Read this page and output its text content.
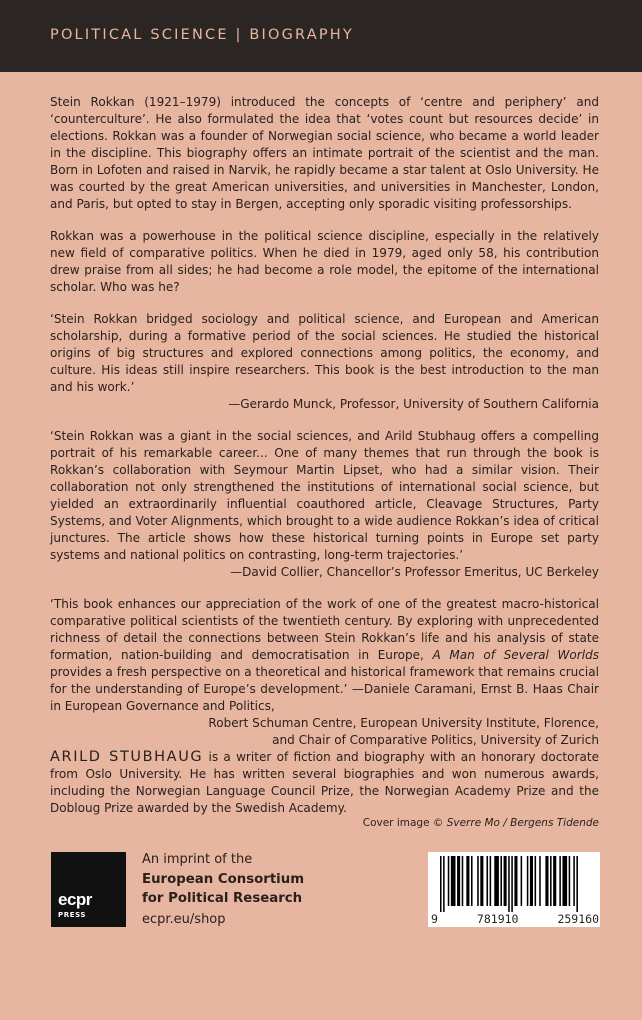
POLITICAL SCIENCE | BIOGRAPHY

Stein Rokkan (1921–1979) introduced the concepts of ‘centre and periphery’ and ‘counterculture’. He also formulated the idea that ‘votes count but resources decide’ in elections. Rokkan was a founder of Norwegian social science, who became a world leader in the discipline. This biography offers an intimate portrait of the scientist and the man. Born in Lofoten and raised in Narvik, he rapidly became a star talent at Oslo University. He was courted by the great American universities, and universities in Manchester, London, and Paris, but opted to stay in Bergen, accepting only sporadic visiting professorships.

Rokkan was a powerhouse in the political science discipline, especially in the relatively new field of comparative politics. When he died in 1979, aged only 58, his contribution drew praise from all sides; he had become a role model, the epitome of the international scholar. Who was he?

‘Stein Rokkan bridged sociology and political science, and European and American scholarship, during a formative period of the social sciences. He studied the historical origins of big structures and explored connections among politics, the economy, and culture. His ideas still inspire researchers. This book is the best introduction to the man and his work.’

—Gerardo Munck, Professor, University of Southern California

‘Stein Rokkan was a giant in the social sciences, and Arild Stubhaug offers a compelling portrait of his remarkable career... One of many themes that run through the book is Rokkan’s collaboration with Seymour Martin Lipset, who had a similar vision. Their collaboration not only strengthened the institutions of international social science, but yielded an extraordinarily influential coauthored article, Cleavage Structures, Party Systems, and Voter Alignments, which brought to a wide audience Rokkan’s idea of critical junctures. The article shows how these historical turning points in Europe set party systems and national politics on contrasting, long-term trajectories.’

—David Collier, Chancellor’s Professor Emeritus, UC Berkeley

‘This book enhances our appreciation of the work of one of the greatest macro-historical comparative political scientists of the twentieth century. By exploring with unprecedented richness of detail the connections between Stein Rokkan’s life and his analysis of state formation, nation-building and democratisation in Europe, A Man of Several Worlds provides a fresh perspective on a theoretical and historical framework that remains crucial for the understanding of Europe’s development.’ —Daniele Caramani, Ernst B. Haas Chair in European Governance and Politics,

Robert Schuman Centre, European University Institute, Florence,
and Chair of Comparative Politics, University of Zurich

ARILD STUBHAUG is a writer of fiction and biography with an honorary doctorate from Oslo University. He has written several biographies and won numerous awards, including the Norwegian Language Council Prize, the Norwegian Academy Prize and the Dobloug Prize awarded by the Swedish Academy.

Cover image © Sverre Mo / Bergens Tidende
ecpr
PRESS
An imprint of the
European Consortium
for Political Research
ecpr.eu/shop	9	781910	259160
